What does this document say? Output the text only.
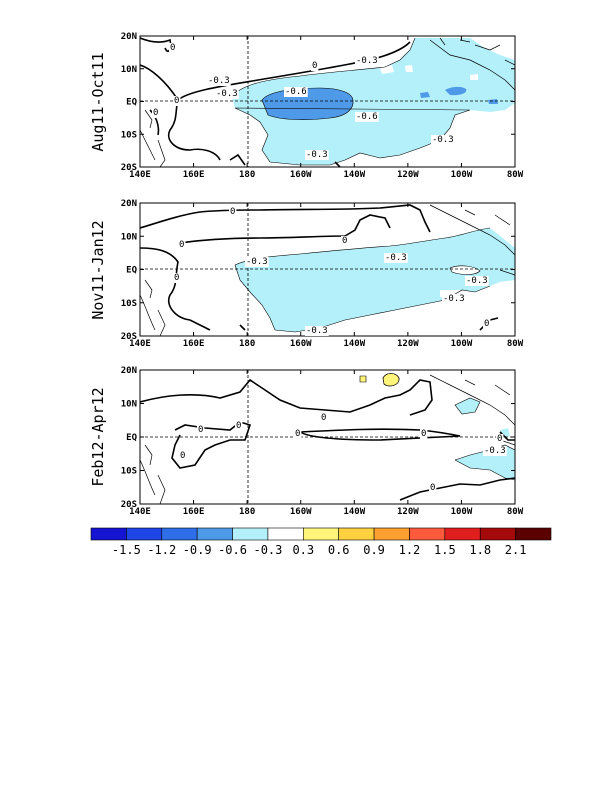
Aug11-Oct11
0
0
0
0	-0.3
-0.3
-0.3
-0.6
-0.6
-0.3
-0.3
140E	160E	180	160W	140W	120W	100W	80W
20N
10N
EQ
10S
20S
Nov11-Jan12
0
0
0
0
0
-0.3	-0.3
-0.3
-0.3
-0.3
140E	160E	180	160W	140W	120W	100W	80W
20N
10N
EQ
10S
20S
Feb12-Apr12	0	0
0
0
0	0
0
0
-0.3
140E	160E	180	160W	140W	120W	100W	80W
20N
10N
EQ
10S
20S
-1.5 -1.2 -0.9 -0.6 -0.3 0.3 0.6 0.9 1.2 1.5 1.8 2.1
